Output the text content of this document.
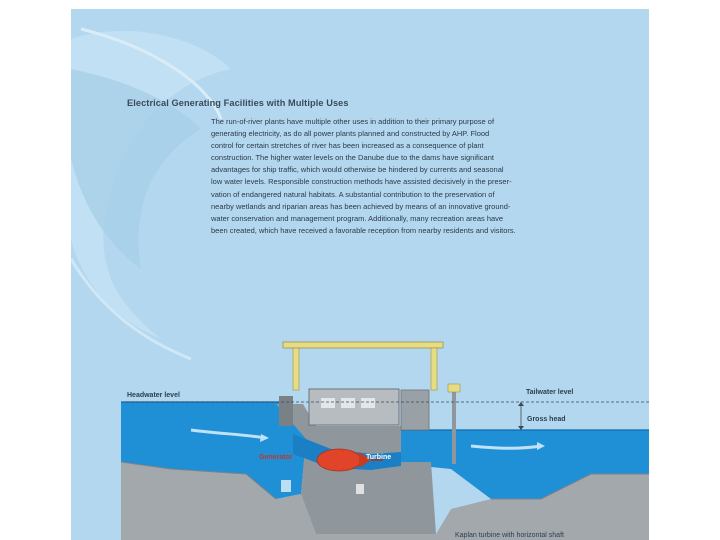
Electrical Generating Facilities with Multiple Uses
The run-of-river plants have multiple other uses in addition to their primary purpose of
generating electricity, as do all power plants planned and constructed by AHP. Flood
control for certain stretches of river has been increased as a consequence of plant
construction. The higher water levels on the Danube due to the dams have significant
advantages for ship traffic, which would otherwise be hindered by currents and seasonal
low water levels. Responsible construction methods have assisted decisively in the preser-
vation of endangered natural habitats. A substantial contribution to the preservation of
nearby wetlands and riparian areas has been achieved by means of an innovative ground-
water conservation and management program. Additionally, many recreation areas have
been created, which have received a favorable reception from nearby residents and visitors.
Headwater level	Tailwater level
Gross head
Generator	Turbine
Kaplan turbine with horizontal shaft
